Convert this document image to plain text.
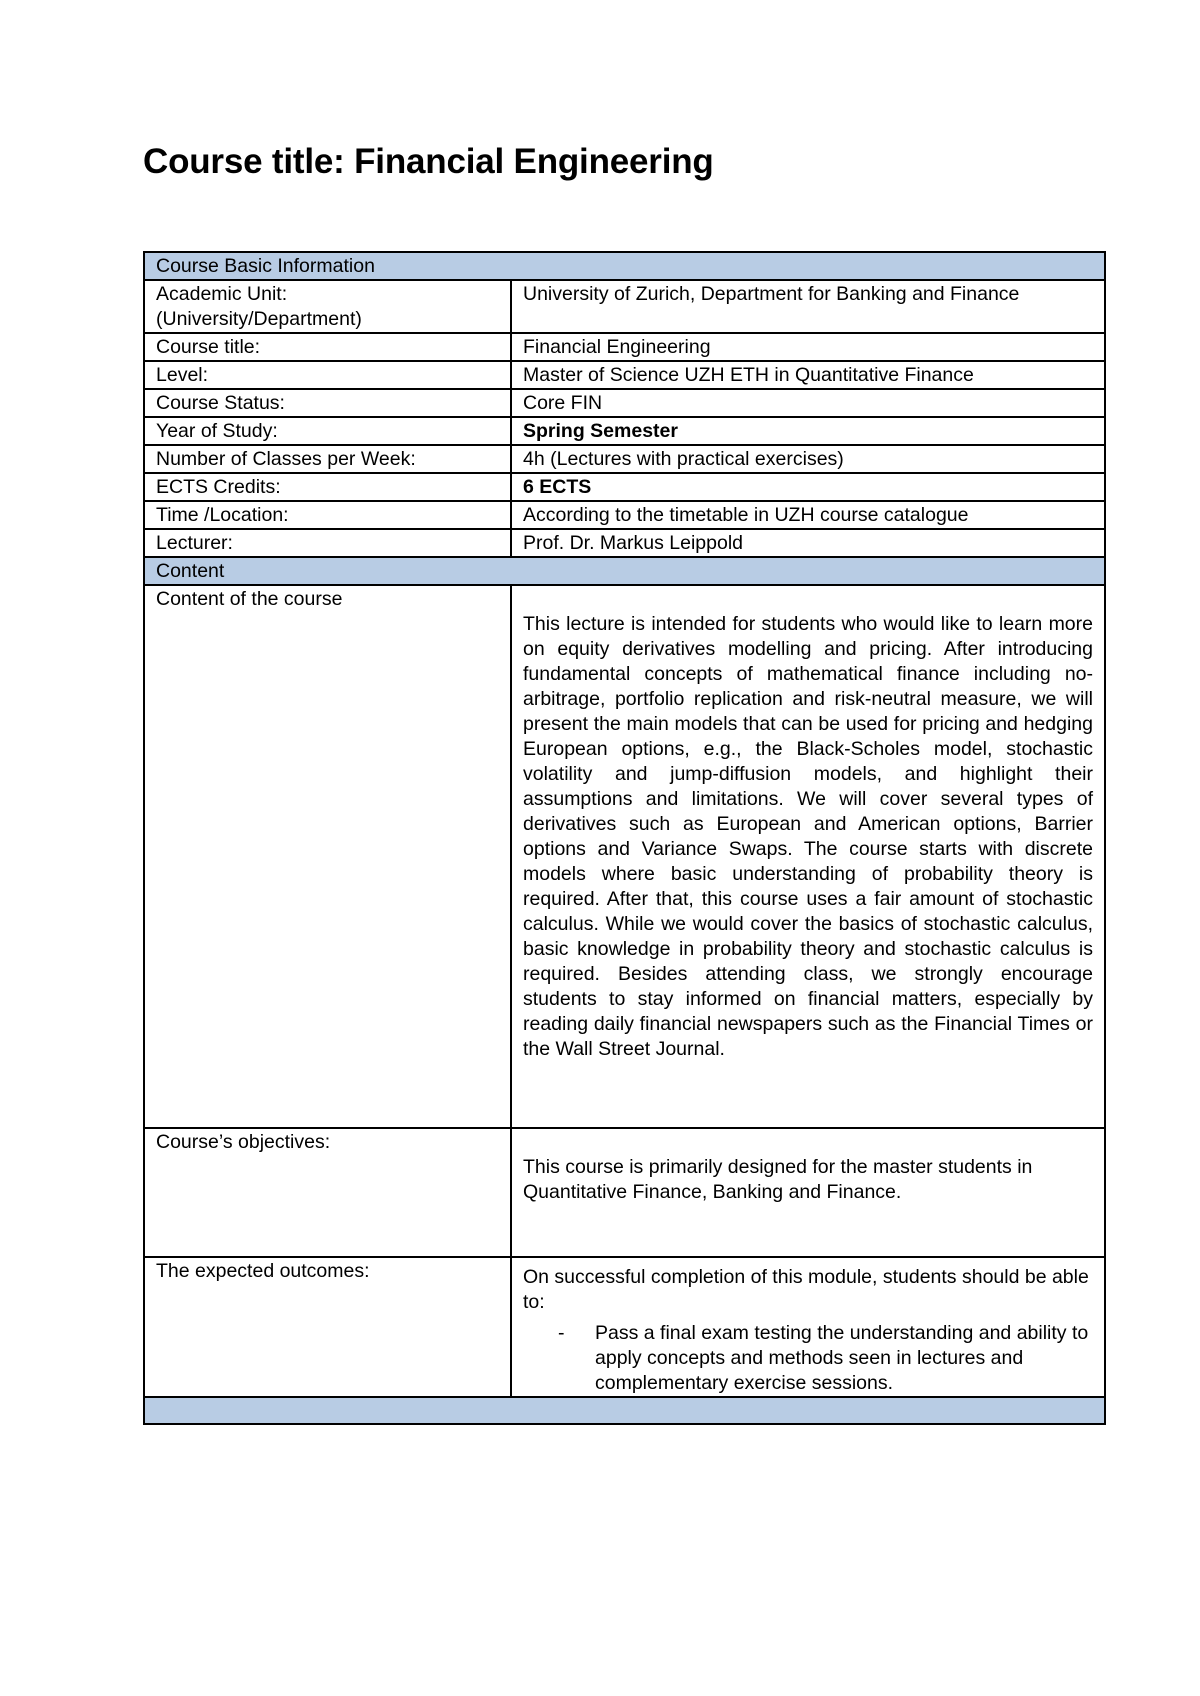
Course title: Financial Engineering
Course Basic Information	
Academic Unit:
(University/Department)	University of Zurich, Department for Banking and Finance
Course title:	Financial Engineering
Level:	Master of Science UZH ETH in Quantitative Finance
Course Status:	Core FIN
Year of Study:	Spring Semester
Number of Classes per Week:	4h (Lectures with practical exercises)
ECTS Credits:	6 ECTS
Time /Location:	According to the timetable in UZH course catalogue
Lecturer:	Prof. Dr. Markus Leippold
Content	
Content of the course	This lecture is intended for students who would like to learn more on equity derivatives modelling and pricing. After introducing fundamental concepts of mathematical finance including no-arbitrage, portfolio replication and risk-neutral measure, we will present the main models that can be used for pricing and hedging European options, e.g., the Black-Scholes model, stochastic volatility and jump-diffusion models, and highlight their assumptions and limitations. We will cover several types of derivatives such as European and American options, Barrier options and Variance Swaps. The course starts with discrete models where basic understanding of probability theory is required. After that, this course uses a fair amount of stochastic calculus. While we would cover the basics of stochastic calculus, basic knowledge in probability theory and stochastic calculus is required. Besides attending class, we strongly encourage students to stay informed on financial matters, especially by reading daily financial newspapers such as the Financial Times or the Wall Street Journal.

Course’s objectives:	This course is primarily designed for the master students in Quantitative Finance, Banking and Finance.

The expected outcomes:	On successful completion of this module, students should be able to:
- Pass a final exam testing the understanding and ability to apply concepts and methods seen in lectures and complementary exercise sessions.
